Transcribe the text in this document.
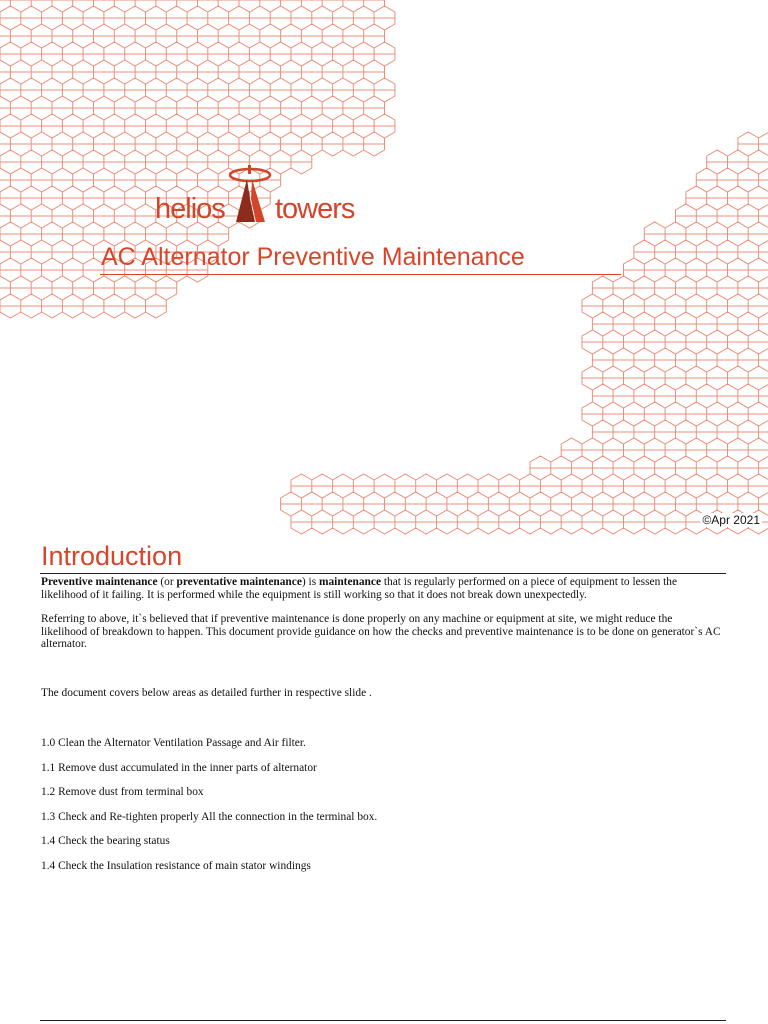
helios towers
AC Alternator Preventive Maintenance
©Apr 2021
Introduction

Preventive maintenance (or preventative maintenance) is maintenance that is regularly performed on a piece of equipment to lessen the likelihood of it failing. It is performed while the equipment is still working so that it does not break down unexpectedly.

Referring to above, it`s believed that if preventive maintenance is done properly on any machine or equipment at site, we might reduce the likelihood of breakdown to happen. This document provide guidance on how the checks and preventive maintenance is to be done on generator`s AC alternator.

The document covers below areas as detailed further in respective slide .

1.0 Clean the Alternator Ventilation Passage and Air filter.
1.1 Remove dust accumulated in the inner parts of alternator
1.2 Remove dust from terminal box
1.3 Check and Re-tighten properly All the connection in the terminal box.
1.4 Check the bearing status
1.4 Check the Insulation resistance of main stator windings
